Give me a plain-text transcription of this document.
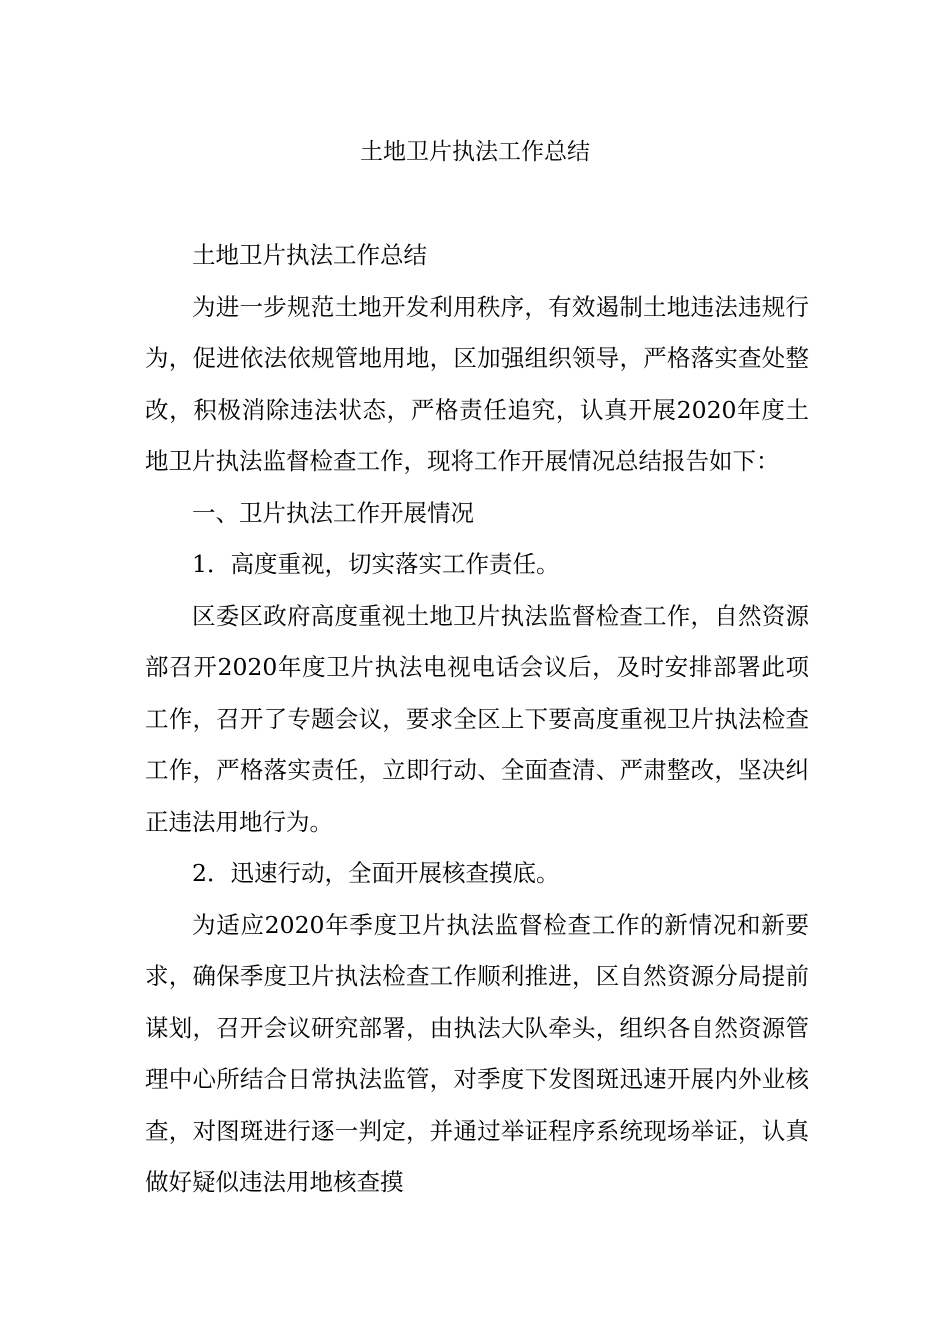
土地卫片执法工作总结

土地卫片执法工作总结

为进一步规范土地开发利用秩序，有效遏制土地违法违规行为，促进依法依规管地用地，区加强组织领导，严格落实查处整改，积极消除违法状态，严格责任追究，认真开展2020年度土地卫片执法监督检查工作，现将工作开展情况总结报告如下：

一、卫片执法工作开展情况

1．高度重视，切实落实工作责任。

区委区政府高度重视土地卫片执法监督检查工作，自然资源部召开2020年度卫片执法电视电话会议后，及时安排部署此项工作，召开了专题会议，要求全区上下要高度重视卫片执法检查工作，严格落实责任，立即行动、全面查清、严肃整改，坚决纠正违法用地行为。

2．迅速行动，全面开展核查摸底。

为适应2020年季度卫片执法监督检查工作的新情况和新要求，确保季度卫片执法检查工作顺利推进，区自然资源分局提前谋划，召开会议研究部署，由执法大队牵头，组织各自然资源管理中心所结合日常执法监管，对季度下发图斑迅速开展内外业核查，对图斑进行逐一判定，并通过举证程序系统现场举证，认真做好疑似违法用地核查摸
